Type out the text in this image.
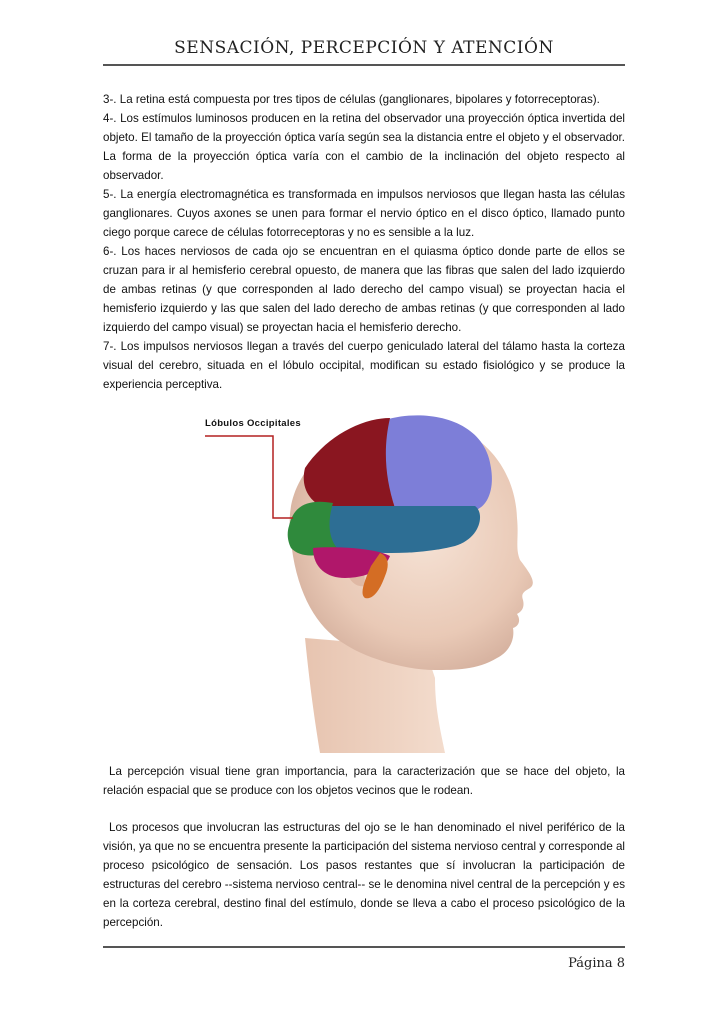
SENSACIÓN, PERCEPCIÓN Y ATENCIÓN

3-. La retina está compuesta por tres tipos de células (ganglionares, bipolares y fotorreceptoras).

4-. Los estímulos luminosos producen en la retina del observador una proyección óptica invertida del objeto. El tamaño de la proyección óptica varía según sea la distancia entre el objeto y el observador. La forma de la proyección óptica varía con el cambio de la inclinación del objeto respecto al observador.

5-. La energía electromagnética es transformada en impulsos nerviosos que llegan hasta las células ganglionares. Cuyos axones se unen para formar el nervio óptico en el disco óptico, llamado punto ciego porque carece de células fotorreceptoras y no es sensible a la luz.

6-. Los haces nerviosos de cada ojo se encuentran en el quiasma óptico donde parte de ellos se cruzan para ir al hemisferio cerebral opuesto, de manera que las fibras que salen del lado izquierdo de ambas retinas (y que corresponden al lado derecho del campo visual) se proyectan hacia el hemisferio izquierdo y las que salen del lado derecho de ambas retinas (y que corresponden al lado izquierdo del campo visual) se proyectan hacia el hemisferio derecho.

7-. Los impulsos nerviosos llegan a través del cuerpo geniculado lateral del tálamo hasta la corteza visual del cerebro, situada en el lóbulo occipital, modifican su estado fisiológico y se produce la experiencia perceptiva.

Lóbulos Occipitales

La percepción visual tiene gran importancia, para la caracterización que se hace del objeto, la relación espacial que se produce con los objetos vecinos que le rodean.

Los procesos que involucran las estructuras del ojo se le han denominado el nivel periférico de la visión, ya que no se encuentra presente la participación del sistema nervioso central y corresponde al proceso psicológico de sensación. Los pasos restantes que sí involucran la participación de estructuras del cerebro --sistema nervioso central-- se le denomina nivel central de la percepción y es en la corteza cerebral, destino final del estímulo, donde se lleva a cabo el proceso psicológico de la percepción.

Página 8
